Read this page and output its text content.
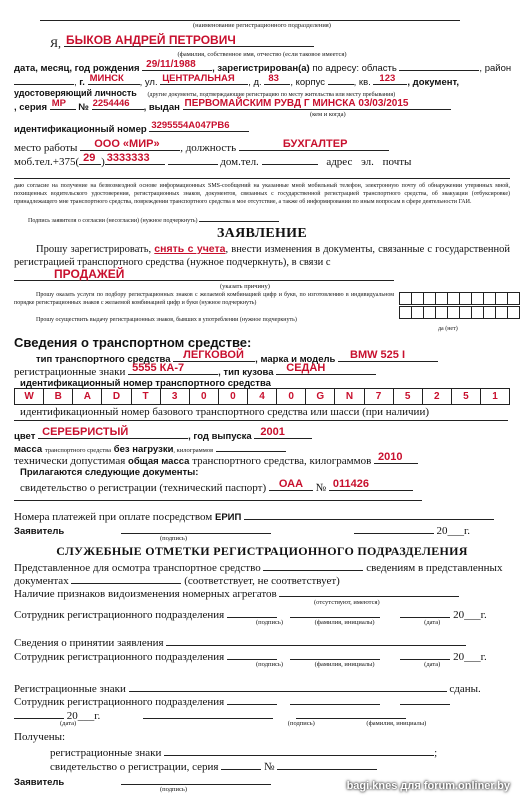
(наименование регистрационного подразделения)
Я, БЫКОВ АНДРЕЙ ПЕТРОВИЧ
(фамилия, собственное имя, отчество (если таковое имеется)
дата, месяц, год рождения 29/11/1988 , зарегистрирован(а) по адресу: область	, район
, г. МИНСК , ул. ЦЕНТРАЛЬНАЯ , д. 83 , корпус	, кв. 123 , документ,
удостоверяющий личность (другие документы, подтверждающие регистрацию по месту жительства или месту пребывания)
, серия МР № 2254446 , выдан ПЕРВОМАЙСКИМ РУВД Г МИНСКА 03/03/2015
(кем и когда)
идентификационный номер 3295554А047РВ6
место работы ООО «МИР» , должность	БУХГАЛТЕР
моб.тел.+375( 29 ) 3333333	дом.тел.	адрес эл. почты
даю согласие на получение на безвозмездной основе информационных SMS-сообщений на указанные мной мобильный телефон, электронную почту об обнаружении утерянных мной, похищенных водительского удостоверения, регистрационных знаков, документов, связанных с государственной регистрацией транспортного средства, об эвакуации (отбуксировке) принадлежащего мне транспортного средства, повреждении транспортного средства в мое отсутствие, а также об информировании по иным вопросам в сфере деятельности ГАИ.
Подпись заявителя о согласии (несогласии) (нужное подчеркнуть)
ЗАЯВЛЕНИЕ
Прошу зарегистрировать, снять с учета, внести изменения в документы, связанные с государственной регистрацией транспортного средства (нужное подчеркнуть), в связи с
ПРОДАЖЕЙ
(указать причину)
Прошу оказать услуги по подбору регистрационных знаков с желаемой комбинацией цифр и букв, по изготовлению в индивидуальном порядке регистрационных знаков с желаемой комбинацией цифр и букв (нужное подчеркнуть)
Прошу осуществить выдачу регистрационных знаков, бывших в употреблении (нужное подчеркнуть)
да (нет)
Сведения о транспортном средстве:
тип транспортного средства ЛЕГКОВОЙ , марка и модель BMW 525 I
регистрационные знаки 5555 КА-7	, тип кузова СЕДАН
идентификационный номер транспортного средства
W	B	A	D	T	3	0	0	4	0	G	N	7	5	2	5	1
идентификационный номер базового транспортного средства или шасси (при наличии)
цвет СЕРЕБРИСТЫЙ	, год выпуска 2001
масса транспортного средства без нагрузки, килограммов
технически допустимая общая масса транспортного средства, килограммов 2010
Прилагаются следующие документы:
свидетельство о регистрации (технический паспорт) ОАА № 011426
Номера платежей при оплате посредством ЕРИП
Заявитель	20___г.
(подпись)
СЛУЖЕБНЫЕ ОТМЕТКИ РЕГИСТРАЦИОННОГО ПОДРАЗДЕЛЕНИЯ
Представленное для осмотра транспортное средство	сведениям в представленных
документах	(соответствует, не соответствует)
Наличие признаков видоизменения номерных агрегатов
(отсутствуют, имеются)
Сотрудник регистрационного подразделения	20___г.
(подпись)	(фамилия, инициалы)	(дата)
Сведения о принятии заявления
Сотрудник регистрационного подразделения	20___г.
(подпись)	(фамилия, инициалы)	(дата)
Регистрационные знаки	сданы.
Сотрудник регистрационного подразделения
20___г.
(дата)	(подпись)	(фамилия, инициалы)
Получены:
регистрационные знаки	;
свидетельство о регистрации, серия	№
Заявитель
(подпись)	bagi.knes для forum.onliner.by
